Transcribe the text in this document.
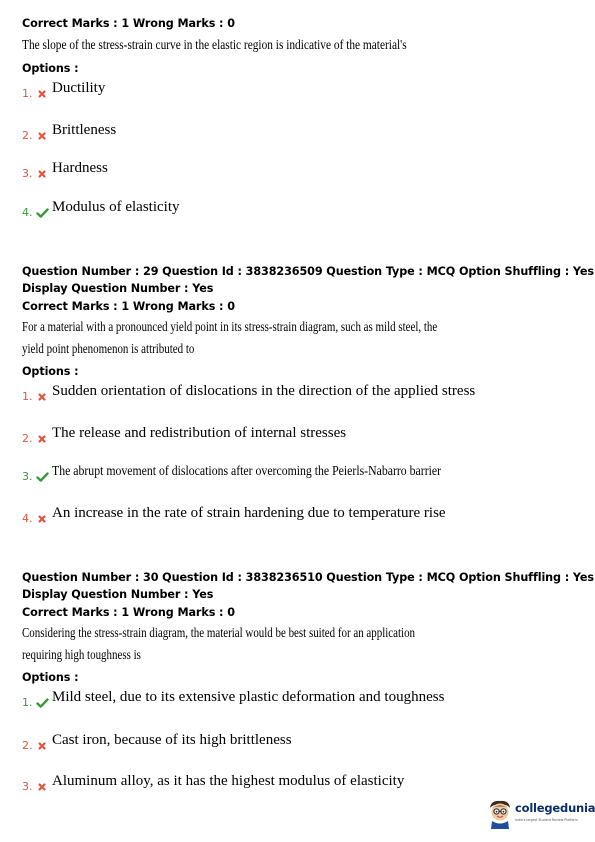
Correct Marks : 1 Wrong Marks : 0
The slope of the stress-strain curve in the elastic region is indicative of the material's
Options :
1. Ductility
2. Brittleness
3. Hardness
4. Modulus of elasticity
Question Number : 29 Question Id : 3838236509 Question Type : MCQ Option Shuffling : Yes
Display Question Number : Yes
Correct Marks : 1 Wrong Marks : 0
For a material with a pronounced yield point in its stress-strain diagram, such as mild steel, the
yield point phenomenon is attributed to
Options :
1. Sudden orientation of dislocations in the direction of the applied stress
2. The release and redistribution of internal stresses
3. The abrupt movement of dislocations after overcoming the Peierls-Nabarro barrier
4. An increase in the rate of strain hardening due to temperature rise
Question Number : 30 Question Id : 3838236510 Question Type : MCQ Option Shuffling : Yes
Display Question Number : Yes
Correct Marks : 1 Wrong Marks : 0
Considering the stress-strain diagram, the material would be best suited for an application
requiring high toughness is
Options :
1. Mild steel, due to its extensive plastic deformation and toughness
2. Cast iron, because of its high brittleness
3. Aluminum alloy, as it has the highest modulus of elasticity
collegedunia
India's largest Student Review Platform
